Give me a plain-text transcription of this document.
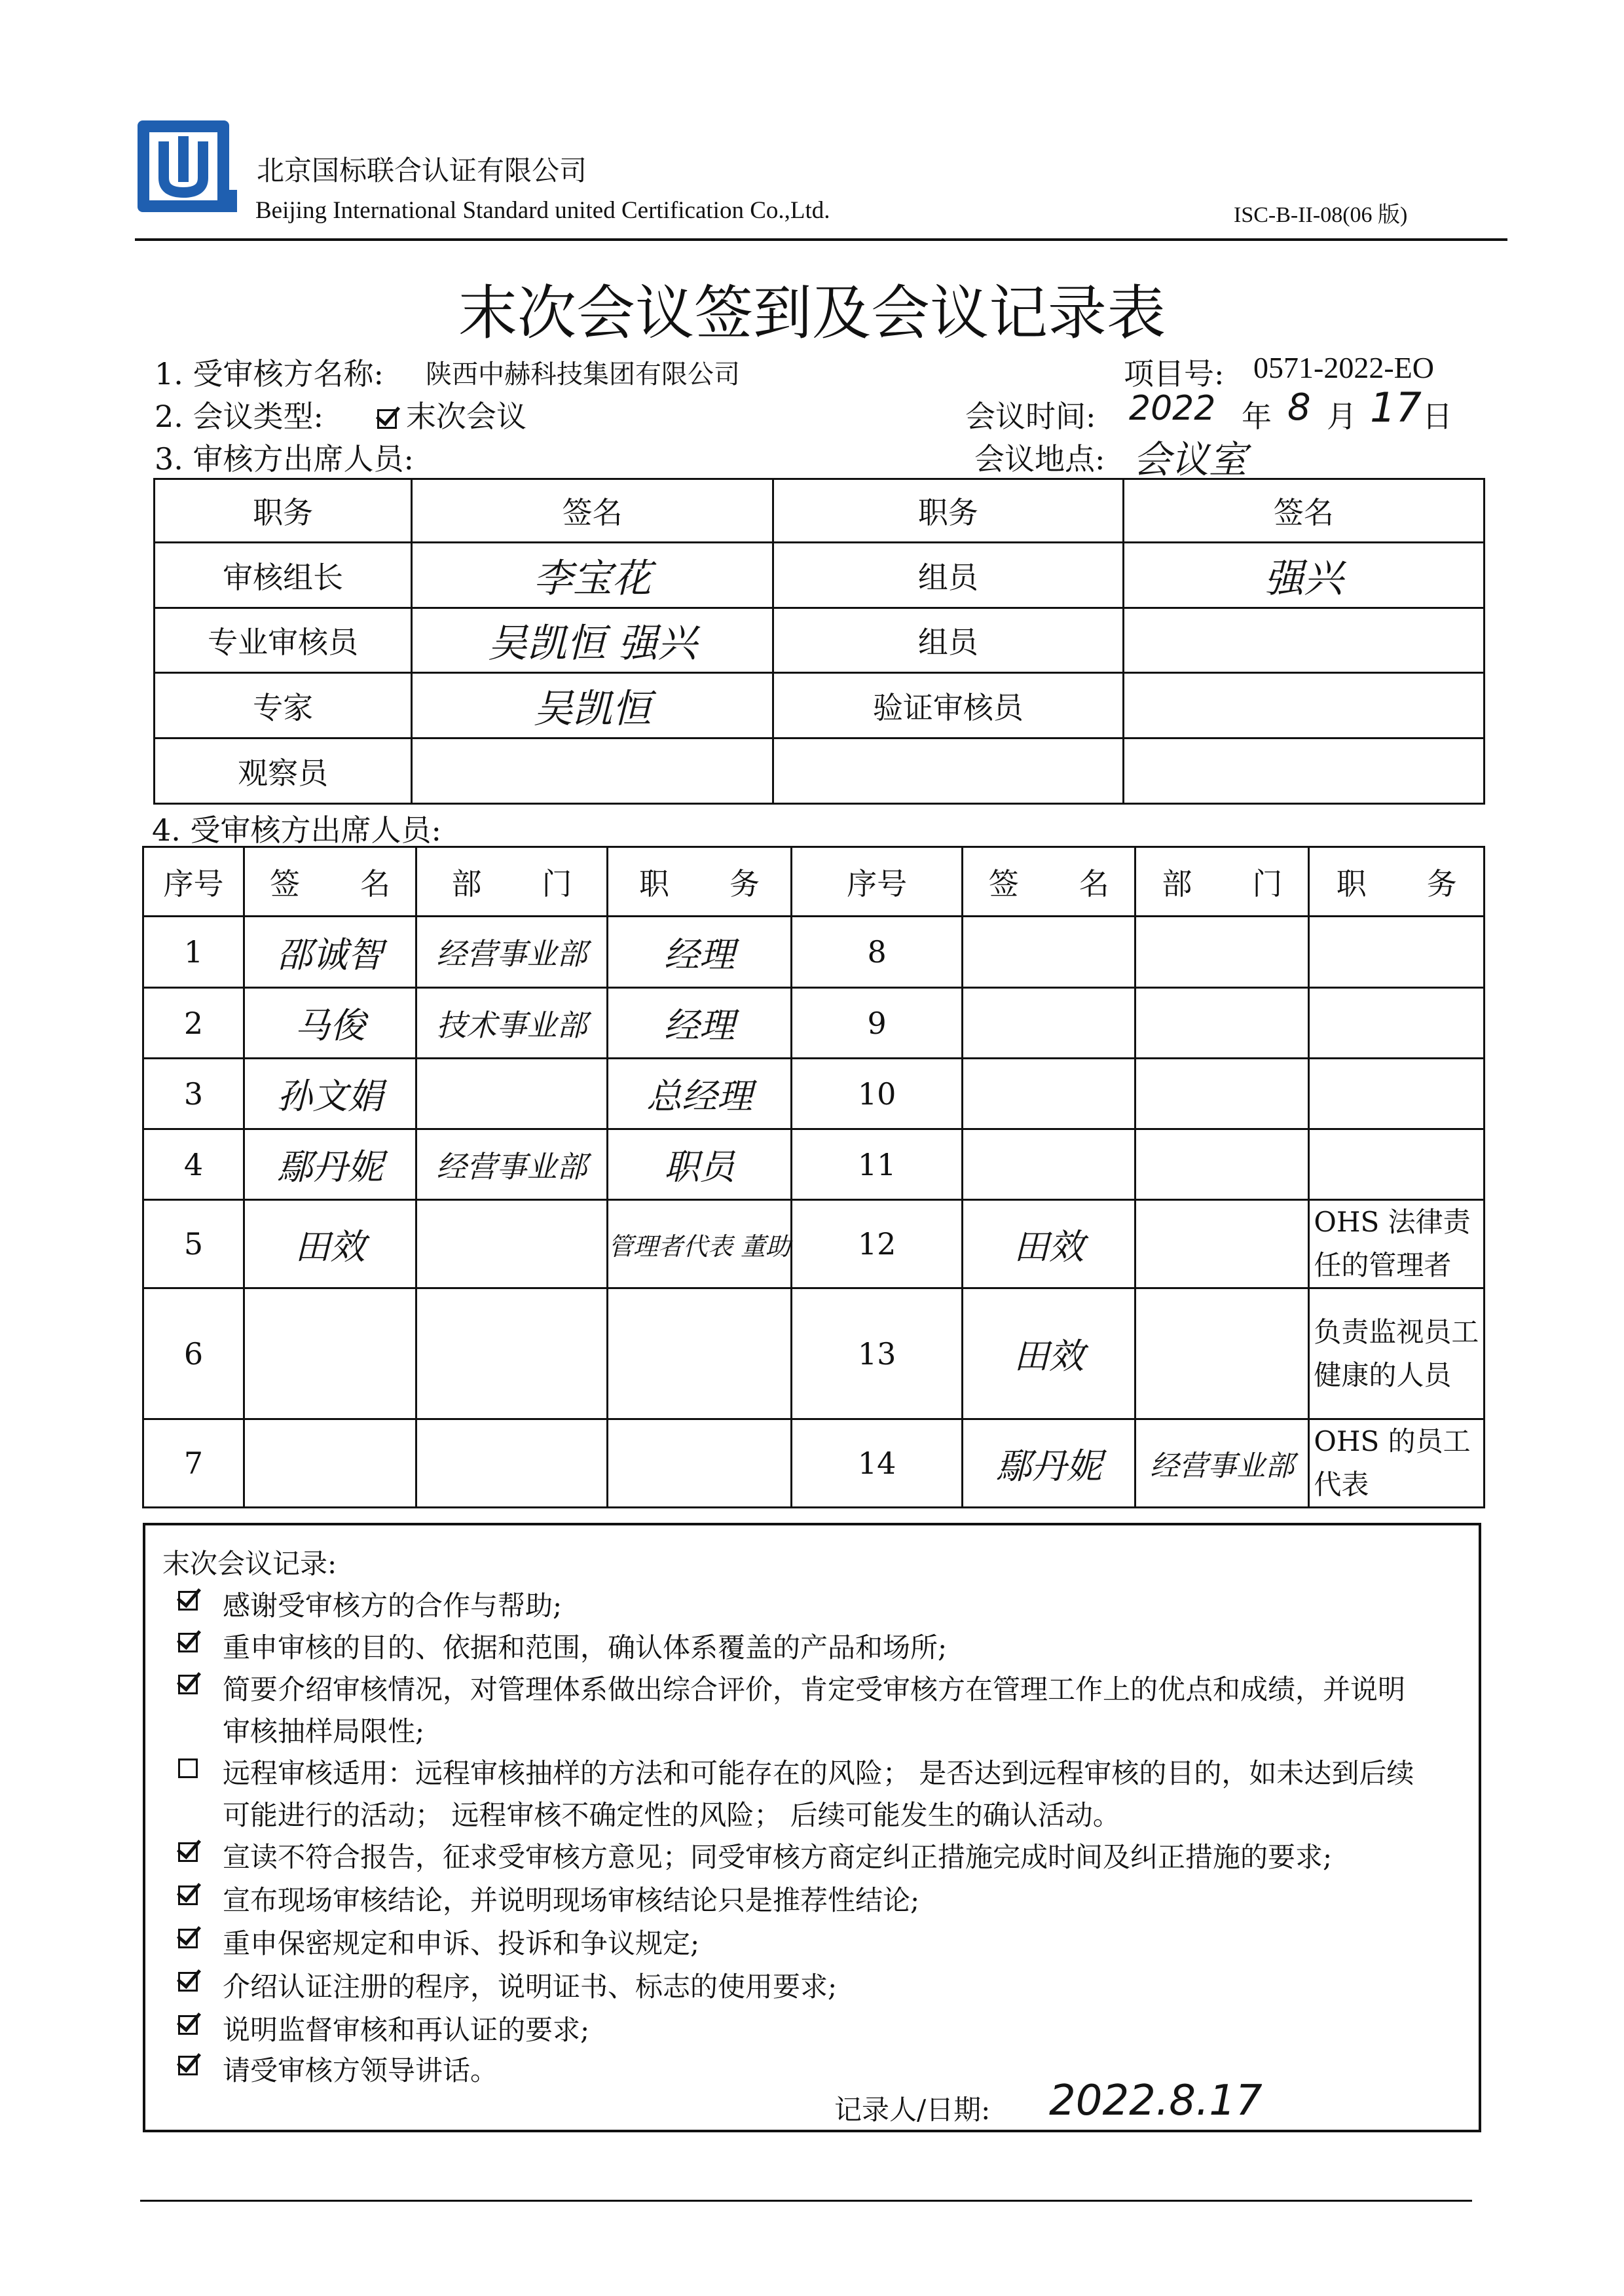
北京国标联合认证有限公司
Beijing International Standard united Certification Co.,Ltd.	ISC-B-II-08(06 版)
末次会议签到及会议记录表
1. 受审核方名称: 陕西中赫科技集团有限公司	项目号: 0571-2022-EO
2. 会议类型:	末次会议	会议时间: 2022 年 8 月 17 日
3. 审核方出席人员:	会议地点: 会议室
职务	签名	职务	签名
审核组长	李宝花	组员	强兴
专业审核员	吴凯恒 强兴	组员	
专家	吴凯恒	验证审核员	
观察员			
4. 受审核方出席人员:
序号	签　　名	部　　门	职　　务	序号	签　　名	部　　门	职　　务
1	邵诚智	经营事业部	经理	8			
2	马俊	技术事业部	经理	9			
3	孙文娟		总经理	10			
4	鄢丹妮	经营事业部	职员	11			
5	田效		管理者代表 董助	12	田效		OHS 法律责任的管理者
6				13	田效		负责监视员工健康的人员
7				14	鄢丹妮	经营事业部	OHS 的员工代表
末次会议记录:
感谢受审核方的合作与帮助;
重申审核的目的、依据和范围，确认体系覆盖的产品和场所;
简要介绍审核情况，对管理体系做出综合评价，肯定受审核方在管理工作上的优点和成绩，并说明
审核抽样局限性;
远程审核适用：远程审核抽样的方法和可能存在的风险； 是否达到远程审核的目的，如未达到后续
可能进行的活动； 远程审核不确定性的风险； 后续可能发生的确认活动。
宣读不符合报告，征求受审核方意见；同受审核方商定纠正措施完成时间及纠正措施的要求;
宣布现场审核结论，并说明现场审核结论只是推荐性结论;
重申保密规定和申诉、投诉和争议规定;
介绍认证注册的程序，说明证书、标志的使用要求;
说明监督审核和再认证的要求;
请受审核方领导讲话。
记录人/日期: 2022.8.17
